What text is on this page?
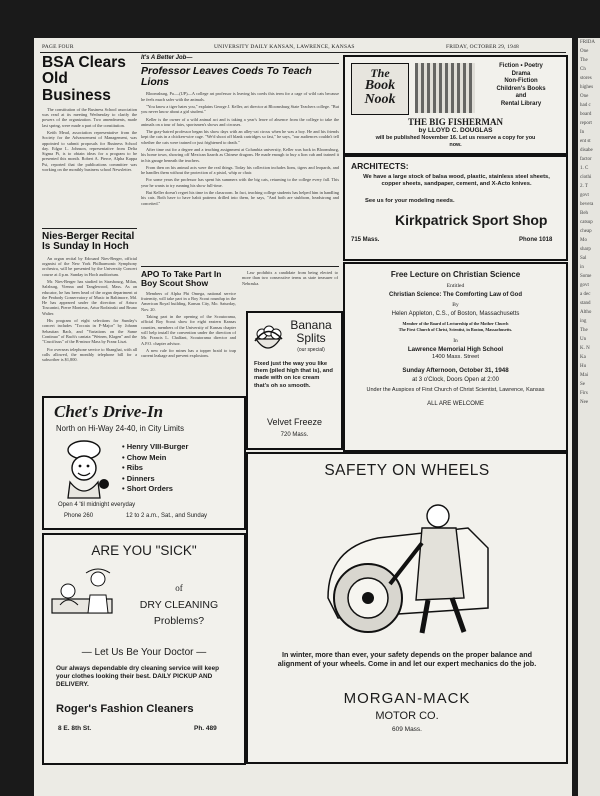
PAGE FOUR	UNIVERSITY DAILY KANSAN, LAWRENCE, KANSAS	FRIDAY, OCTOBER 29, 1948
BSA Clears Old Business

The constitution of the Business School association was read at its meeting Wednesday to clarify the powers of the organization. Two amendments, made last spring, were made a part of the constitution.

Keith Mead, association representative from the Society for the Advancement of Management, was appointed to submit proposals for Business School day. Edgar L. Johnson, representative from Delta Sigma Pi, is to obtain ideas for a program to be presented this month. Robert A. Pierce, Alpha Kappa Psi, reported that the publications committee was working on the monthly business school Newsletter.

Nies-Berger Recital Is Sunday In Hoch

An organ recital by Edouard Nies-Berger, official organist of the New York Philharmonic Symphony orchestra, will be presented by the University Concert course at 4 p.m. Sunday in Hoch auditorium.

Mr. Nies-Berger has studied in Strasbourg, Milan, Salzburg, Vienna and Tanglewood, Mass. As an educator, he has been head of the organ department at the Peabody Conservatory of Music in Baltimore, Md. He has appeared under the direction of Arturo Toscanini, Pierre Monteux, Artur Rodzinski and Bruno Walter.

His program of eight selections for Sunday's concert includes "Toccata in F-Major" by Johann Sebastian Bach, and "Variations on the Same Continuo" of Bach's cantata "Weinen, Klagen" and the "Crucifixus" of the B-minor Mass by Franz Liszt.

For overseas telephone service to Shanghai, with all calls allowed, the monthly telephone bill for a subscriber is $1,800.

It's A Better Job—
Professor Leaves Coeds To Teach Lions

Bloomsburg, Pa.—(UP)—A college art professor is leaving his coeds this term for a cage of wild cats because he feels much safer with the animals.

"You know a tiger hates you," explains George J. Keller, art director at Bloomsburg State Teachers college. "But you never know about a girl student."

Keller is the owner of a wild animal act and is taking a year's leave of absence from the college to take the animals on a tour of fairs, sportsmen's shows and circuses.

The gray-haired professor began his show days with an alley-cat circus when he was a boy. He and his friends kept the cats in a chicken-wire cage. "We'd shoot off blank cartridges so fast," he says, "our audiences couldn't tell whether the cats were trained or just frightened to death."

After time out for a degree and a teaching assignment at Columbia university, Keller was back in Bloomsburg, his home town, showing off Mexican lizards as Chinese dragons. He made enough to buy a lion cub and trained it in his garage beneath the teachers.

From then on his animal acts were the real things. Today his collection includes lions, tigers and leopards, and he handles them without the protection of a pistol, whip or chair.

For some years the professor has spent his summers with the big cats, returning to the college every fall. This year he wants to try running his show full-time.

But Keller doesn't regret his time in the classroom. In fact, teaching college students has helped him in handling his cats. Both have to have habit patterns drilled into them, he says, "And both are stubborn, headstrong and conceited."

APO To Take Part In Boy Scout Show

Members of Alpha Phi Omega, national service fraternity, will take part in a Boy Scout roundup in the American Royal building, Kansas City, Mo. Saturday, Nov. 20.

Taking part in the opening of the Scoutorama, official Boy Scout show for eight eastern Kansas counties, members of the University of Kansas chapter will help install the convention under the direction of Mr. Francis L. Chalfant, Scoutorama director and A.P.O. chapter advisor.

A new rule for mines has a topper braid to trap current leakage and prevent explosions.

Law prohibits a candidate from being elected to more than two consecutive terms as state treasurer of Nebraska.

The
Book
Nook
Fiction • Poetry
Drama
Non-Fiction
Children's Books
and
Rental Library
THE BIG FISHERMAN
by LLOYD C. DOUGLAS
will be published November 16. Let us reserve a copy for you now.
ARCHITECTS:
We have a large stock of balsa wood, plastic, stainless steel sheets, copper sheets, sandpaper, cement, and X-Acto knives.
See us for your modeling needs.
Kirkpatrick Sport Shop
715 Mass.	Phone 1018
Free Lecture on Christian Science
Entitled
Christian Science: The Comforting Law of God
By
Helen Appleton, C.S., of Boston, Massachusetts
Member of the Board of Lectureship of the Mother Church
The First Church of Christ, Scientist, in Boston, Massachusetts.
In
Lawrence Memorial High School
1400 Mass. Street
Sunday Afternoon, October 31, 1948
at 3 o'Clock, Doors Open at 2:00
Under the Auspices of First Church of Christ Scientist, Lawrence, Kansas
ALL ARE WELCOME
Chet's Drive-In
North on Hi-Way 24-40, in City Limits
• Henry VIII-Burger
• Chow Mein
• Ribs
• Dinners
• Short Orders
Open 4 'til midnight everyday
Phone 260	12 to 2 a.m., Sat., and Sunday
Banana
Splits
(our special)
Fixed just the way you like them (piled high that is), and made with on ice cream that's oh so smooth.
Velvet Freeze
720 Mass.
ARE YOU "SICK"
of
DRY CLEANING
Problems?
— Let Us Be Your Doctor —
Our always dependable dry cleaning service will keep your clothes looking their best. DAILY PICKUP AND DELIVERY.
Roger's Fashion Cleaners
8 E. 8th St.	Ph. 489
SAFETY ON WHEELS
In winter, more than ever, your safety depends on the proper balance and alignment of your wheels. Come in and let our expert mechanics do the job.
MORGAN-MACK
MOTOR CO.
609 Mass.
FRIDA
One
The
Ch
stores
highes
One
had c
board
report
In
ent st
disabe
factor
1. C
clothi
2. T
govt
bevera
Beh
catsup
cheap
Mo
sharp
Sal
in
Some
govt
a dec
stand
Altho
ing
The
Un
K. N
Ka
Hu
Mai
Se
Firs
Nee
